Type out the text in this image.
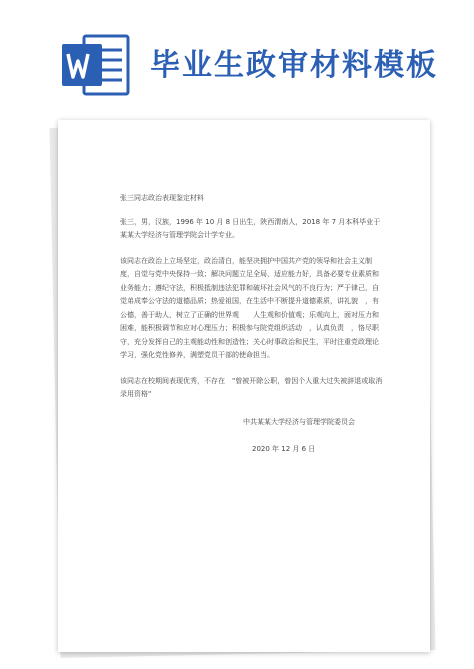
毕业生政审材料模板

张三同志政治表现鉴定材料

张三，男，汉族，1996 年 10 月 8 日出生，陕西渭南人，2018 年 7 月本科毕业于某某大学经济与管理学院会计学专业。

该同志在政治上立场坚定，政治清白，能坚决拥护中国共产党的领导和社会主义制度，自觉与党中央保持一致；解决问题立足全局，适应能力好，具备必要专业素质和业务能力；遵纪守法，积极抵制违法犯罪和破坏社会风气的不良行为；严于律己，自觉弟成奉公守法的道德品质；热爱祖国，在生活中不断提升道德素质，讲礼貌　，有公德，善于助人，树立了正确的世界观　　人生观和价值观；乐观向上，面对压力和困难，能积极调节和应对心理压力；积极参与院党组织活动　，认真负责　，恪尽职守，充分发挥自己的主观能动性和创造性；关心时事政治和民生，平时注重党政理论学习，强化党性修养，满塑党员干部的使命担当。

该同志在校期间表现优秀，不存在　"曾被开除公职，曾因个人重大过失被辞退或取消录用资格"

中共某某大学经济与管理学院委员会

2020 年 12 月 6 日
